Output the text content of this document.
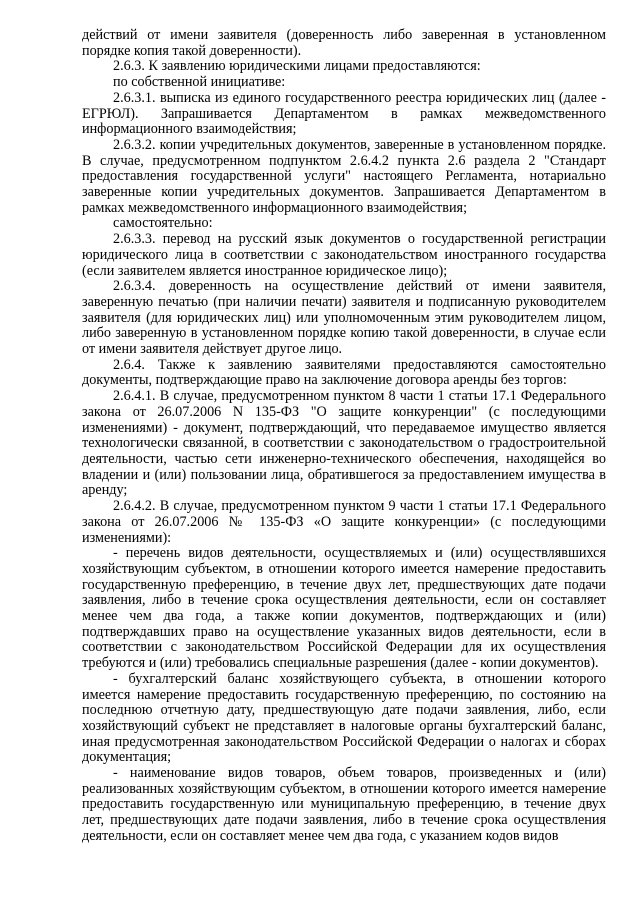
действий от имени заявителя (доверенность либо заверенная в установленном порядке копия такой доверенности).

2.6.3. К заявлению юридическими лицами предоставляются:

по собственной инициативе:

2.6.3.1. выписка из единого государственного реестра юридических лиц (далее - ЕГРЮЛ). Запрашивается Департаментом в рамках межведомственного информационного взаимодействия;

2.6.3.2. копии учредительных документов, заверенные в установленном порядке. В случае, предусмотренном подпунктом 2.6.4.2 пункта 2.6 раздела 2 "Стандарт предоставления государственной услуги" настоящего Регламента, нотариально заверенные копии учредительных документов. Запрашивается Департаментом в рамках межведомственного информационного взаимодействия;

самостоятельно:

2.6.3.3. перевод на русский язык документов о государственной регистрации юридического лица в соответствии с законодательством иностранного государства (если заявителем является иностранное юридическое лицо);

2.6.3.4. доверенность на осуществление действий от имени заявителя, заверенную печатью (при наличии печати) заявителя и подписанную руководителем заявителя (для юридических лиц) или уполномоченным этим руководителем лицом, либо заверенную в установленном порядке копию такой доверенности, в случае если от имени заявителя действует другое лицо.

2.6.4. Также к заявлению заявителями предоставляются самостоятельно документы, подтверждающие право на заключение договора аренды без торгов:

2.6.4.1. В случае, предусмотренном пунктом 8 части 1 статьи 17.1 Федерального закона от 26.07.2006 N 135-ФЗ "О защите конкуренции" (с последующими изменениями) - документ, подтверждающий, что передаваемое имущество является технологически связанной, в соответствии с законодательством о градостроительной деятельности, частью сети инженерно-технического обеспечения, находящейся во владении и (или) пользовании лица, обратившегося за предоставлением имущества в аренду;

2.6.4.2. В случае, предусмотренном пунктом 9 части 1 статьи 17.1 Федерального закона от 26.07.2006 № 135-ФЗ «О защите конкуренции» (с последующими изменениями):

- перечень видов деятельности, осуществляемых и (или) осуществлявшихся хозяйствующим субъектом, в отношении которого имеется намерение предоставить государственную преференцию, в течение двух лет, предшествующих дате подачи заявления, либо в течение срока осуществления деятельности, если он составляет менее чем два года, а также копии документов, подтверждающих и (или) подтверждавших право на осуществление указанных видов деятельности, если в соответствии с законодательством Российской Федерации для их осуществления требуются и (или) требовались специальные разрешения (далее - копии документов).

- бухгалтерский баланс хозяйствующего субъекта, в отношении которого имеется намерение предоставить государственную преференцию, по состоянию на последнюю отчетную дату, предшествующую дате подачи заявления, либо, если хозяйствующий субъект не представляет в налоговые органы бухгалтерский баланс, иная предусмотренная законодательством Российской Федерации о налогах и сборах документация;

- наименование видов товаров, объем товаров, произведенных и (или) реализованных хозяйствующим субъектом, в отношении которого имеется намерение предоставить государственную или муниципальную преференцию, в течение двух лет, предшествующих дате подачи заявления, либо в течение срока осуществления деятельности, если он составляет менее чем два года, с указанием кодов видов
